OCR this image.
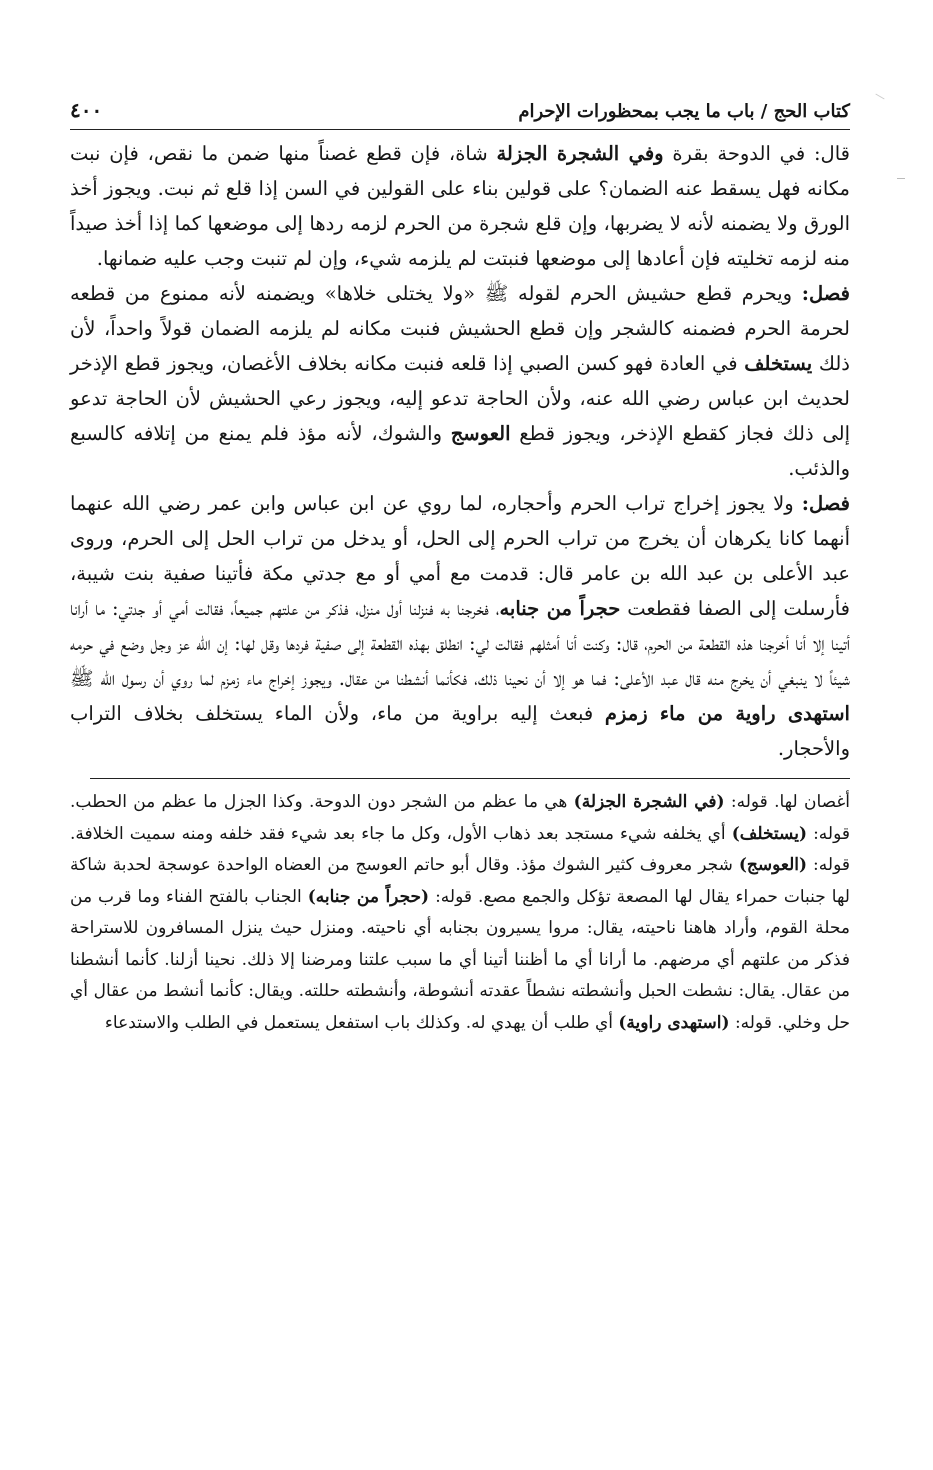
كتاب الحج / باب ما يجب بمحظورات الإحرام
٤٠٠

قال: في الدوحة بقرة وفي الشجرة الجزلة شاة، فإن قطع غصناً منها ضمن ما نقص، فإن نبت مكانه فهل يسقط عنه الضمان؟ على قولين بناء على القولين في السن إذا قلع ثم نبت. ويجوز أخذ الورق ولا يضمنه لأنه لا يضربها، وإن قلع شجرة من الحرم لزمه ردها إلى موضعها كما إذا أخذ صيداً منه لزمه تخليته فإن أعادها إلى موضعها فنبتت لم يلزمه شيء، وإن لم تنبت وجب عليه ضمانها.

فصل: ويحرم قطع حشيش الحرم لقوله ﷺ «ولا يختلى خلاها» ويضمنه لأنه ممنوع من قطعه لحرمة الحرم فضمنه كالشجر وإن قطع الحشيش فنبت مكانه لم يلزمه الضمان قولاً واحداً، لأن ذلك يستخلف في العادة فهو كسن الصبي إذا قلعه فنبت مكانه بخلاف الأغصان، ويجوز قطع الإذخر لحديث ابن عباس رضي الله عنه، ولأن الحاجة تدعو إليه، ويجوز رعي الحشيش لأن الحاجة تدعو إلى ذلك فجاز كقطع الإذخر، ويجوز قطع العوسج والشوك، لأنه مؤذ فلم يمنع من إتلافه كالسبع والذئب.

فصل: ولا يجوز إخراج تراب الحرم وأحجاره، لما روي عن ابن عباس وابن عمر رضي الله عنهما أنهما كانا يكرهان أن يخرج من تراب الحرم إلى الحل، أو يدخل من تراب الحل إلى الحرم، وروى عبد الأعلى بن عبد الله بن عامر قال: قدمت مع أمي أو مع جدتي مكة فأتينا صفية بنت شيبة، فأرسلت إلى الصفا فقطعت حجراً من جنابه، فخرجنا به فنزلنا أول منزل، فذكر من علتهم جميعاً، فقالت أمي أو جدتي: ما أرانا أتينا إلا أنا أخرجنا هذه القطعة من الحرم، قال: وكنت أنا أمثلهم فقالت لي: انطلق بهذه القطعة إلى صفية فردها وقل لها: إن الله عز وجل وضع في حرمه شيئاً لا ينبغي أن يخرج منه قال عبد الأعلى: فما هو إلا أن نحينا ذلك، فكأنما أنشطنا من عقال. ويجوز إخراج ماء زمزم لما روي أن رسول الله ﷺ استهدى راوية من ماء زمزم فبعث إليه براوية من ماء، ولأن الماء يستخلف بخلاف التراب والأحجار.

أغصان لها. قوله: (في الشجرة الجزلة) هي ما عظم من الشجر دون الدوحة. وكذا الجزل ما عظم من الحطب. قوله: (يستخلف) أي يخلفه شيء مستجد بعد ذهاب الأول، وكل ما جاء بعد شيء فقد خلفه ومنه سميت الخلافة. قوله: (العوسج) شجر معروف كثير الشوك مؤذ. وقال أبو حاتم العوسج من العضاه الواحدة عوسجة لحدبة شاكة لها جنبات حمراء يقال لها المصعة تؤكل والجمع مصع. قوله: (حجراً من جنابه) الجناب بالفتح الفناء وما قرب من محلة القوم، وأراد هاهنا ناحيته، يقال: مروا يسيرون بجنابه أي ناحيته. ومنزل حيث ينزل المسافرون للاستراحة فذكر من علتهم أي مرضهم. ما أرانا أي ما أظننا أتينا أي ما سبب علتنا ومرضنا إلا ذلك. نحينا أزلنا. كأنما أنشطنا من عقال. يقال: نشطت الحبل وأنشطته نشطاً عقدته أنشوطة، وأنشطته حللته. ويقال: كأنما أنشط من عقال أي حل وخلي. قوله: (استهدى راوية) أي طلب أن يهدي له. وكذلك باب استفعل يستعمل في الطلب والاستدعاء
